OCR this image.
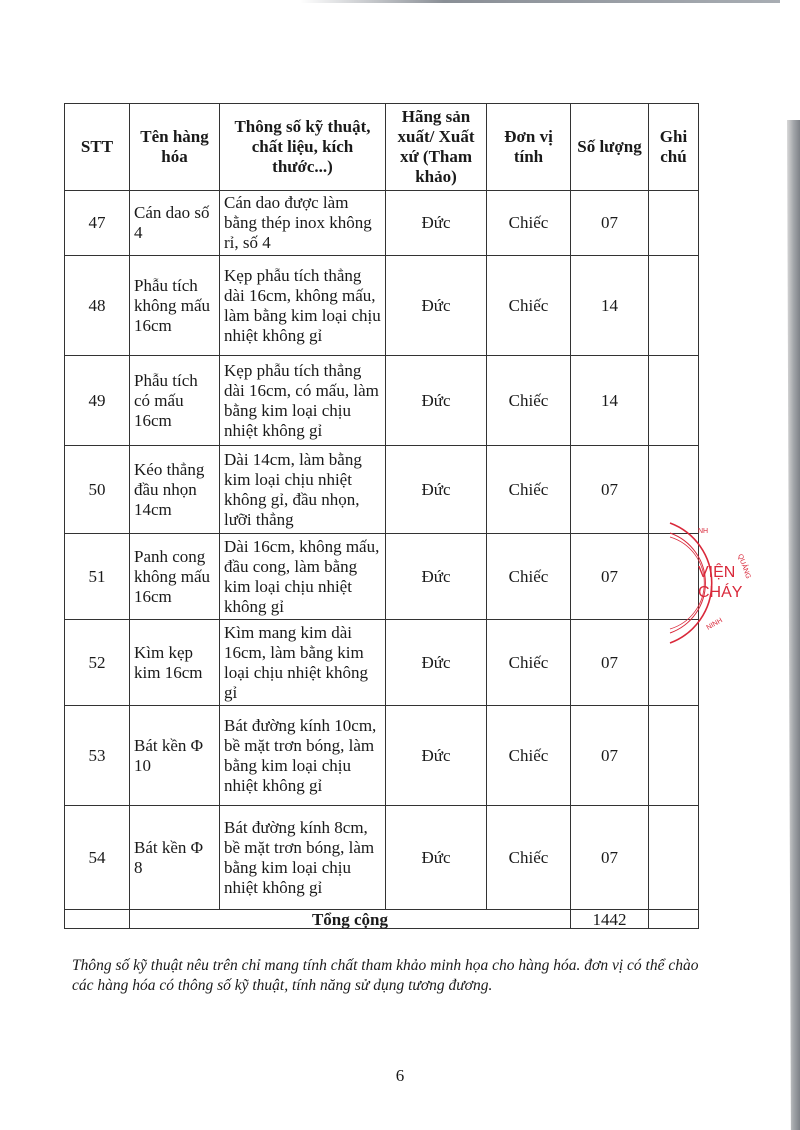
STT	Tên hàng hóa	Thông số kỹ thuật, chất liệu, kích thước...)	Hãng sản xuất/ Xuất xứ (Tham khảo)	Đơn vị tính	Số lượng	Ghi chú
47	Cán dao số 4	Cán dao được làm bằng thép inox không rỉ, số 4	Đức	Chiếc	07	
48	Phẫu tích không mấu 16cm	Kẹp phẫu tích thẳng dài 16cm, không mấu, làm bằng kim loại chịu nhiệt không gỉ	Đức	Chiếc	14	
49	Phẫu tích có mấu 16cm	Kẹp phẫu tích thẳng dài 16cm, có mấu, làm bằng kim loại chịu nhiệt không gỉ	Đức	Chiếc	14	
50	Kéo thẳng đầu nhọn 14cm	Dài 14cm, làm bằng kim loại chịu nhiệt không gỉ, đầu nhọn, lưỡi thẳng	Đức	Chiếc	07	
51	Panh cong không mấu 16cm	Dài 16cm, không mấu, đầu cong, làm bằng kim loại chịu nhiệt không gỉ	Đức	Chiếc	07	
52	Kìm kẹp kim 16cm	Kìm mang kim dài 16cm, làm bằng kim loại chịu nhiệt không gỉ	Đức	Chiếc	07	
53	Bát kền Φ 10	Bát đường kính 10cm, bề mặt trơn bóng, làm bằng kim loại chịu nhiệt không gỉ	Đức	Chiếc	07	
54	Bát kền Φ 8	Bát đường kính 8cm, bề mặt trơn bóng, làm bằng kim loại chịu nhiệt không gỉ	Đức	Chiếc	07	
	Tổng cộng				1442	
Thông số kỹ thuật nêu trên chỉ mang tính chất tham khảo minh họa cho hàng hóa. đơn vị có thể chào các hàng hóa có thông số kỹ thuật, tính năng sử dụng tương đương.
6
VIỆN
CHÁY
NH
QUẢNG
NINH
